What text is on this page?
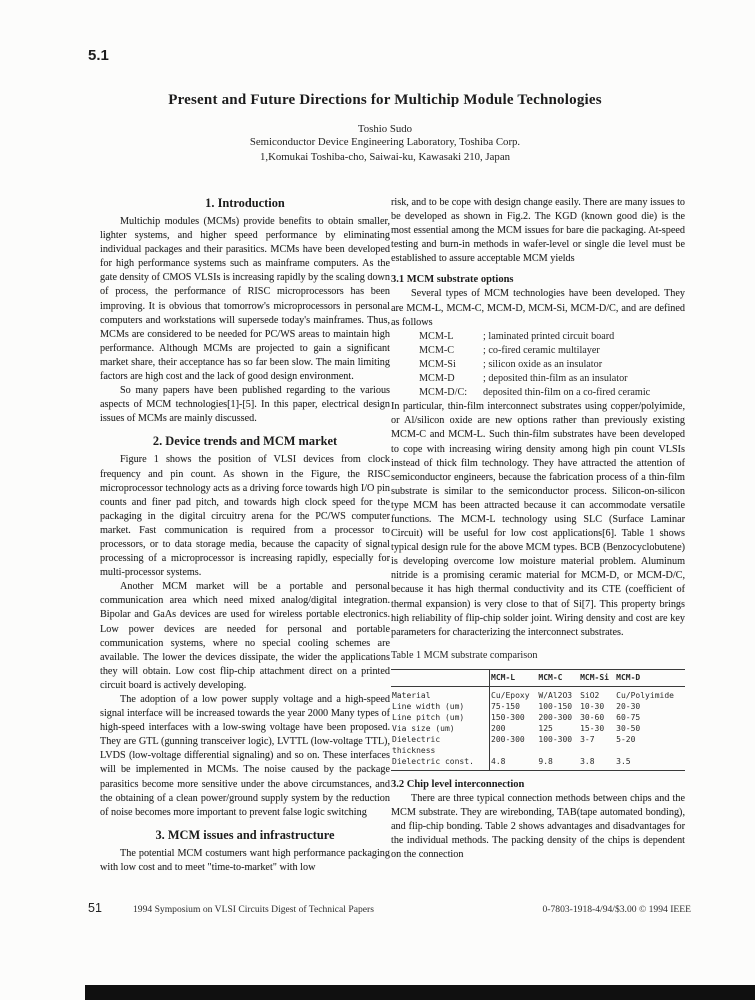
5.1
Present and Future Directions for Multichip Module Technologies
Toshio Sudo
Semiconductor Device Engineering Laboratory, Toshiba Corp.
1,Komukai Toshiba-cho, Saiwai-ku, Kawasaki 210, Japan
1. Introduction

Multichip modules (MCMs) provide benefits to obtain smaller, lighter systems, and higher speed performance by eliminating individual packages and their parasitics. MCMs have been developed for high performance systems such as mainframe computers. As the gate density of CMOS VLSIs is increasing rapidly by the scaling down of process, the performance of RISC microprocessors has been improving. It is obvious that tomorrow's microprocessors in personal computers and workstations will supersede today's mainframes. Thus, MCMs are considered to be needed for PC/WS areas to maintain high performance. Although MCMs are projected to gain a significant market share, their acceptance has so far been slow. The main limiting factors are high cost and the lack of good design environment.

So many papers have been published regarding to the various aspects of MCM technologies[1]-[5]. In this paper, electrical design issues of MCMs are mainly discussed.

2. Device trends and MCM market

Figure 1 shows the position of VLSI devices from clock frequency and pin count. As shown in the Figure, the RISC microprocessor technology acts as a driving force towards high I/O pin counts and finer pad pitch, and towards high clock speed for the packaging in the digital circuitry arena for the PC/WS computer market. Fast communication is required from a processor to processors, or to data storage media, because the capacity of signal processing of a microprocessor is increasing rapidly, especially for multi-processor systems.

Another MCM market will be a portable and personal communication area which need mixed analog/digital integration. Bipolar and GaAs devices are used for wireless portable electronics. Low power devices are needed for personal and portable communication systems, where no special cooling schemes are available. The lower the devices dissipate, the wider the applications they will obtain. Low cost flip-chip attachment direct on a printed circuit board is actively developing.

The adoption of a low power supply voltage and a high-speed signal interface will be increased towards the year 2000 Many types of high-speed interfaces with a low-swing voltage have been proposed. They are GTL (gunning transceiver logic), LVTTL (low-voltage TTL), LVDS (low-voltage differential signaling) and so on. These interfaces will be implemented in MCMs. The noise caused by the package parasitics become more sensitive under the above circumstances, and the obtaining of a clean power/ground supply system by the reduction of noise becomes more important to prevent false logic switching

3. MCM issues and infrastructure

The potential MCM costumers want high performance packaging with low cost and to meet "time-to-market" with low

risk, and to be cope with design change easily. There are many issues to be developed as shown in Fig.2. The KGD (known good die) is the most essential among the MCM issues for bare die packaging. At-speed testing and burn-in methods in wafer-level or single die level must be established to assure acceptable MCM yields

3.1 MCM substrate options

Several types of MCM technologies have been developed. They are MCM-L, MCM-C, MCM-D, MCM-Si, MCM-D/C, and are defined as follows

MCM-L	; laminated printed circuit board
MCM-C	; co-fired ceramic multilayer
MCM-Si	; silicon oxide as an insulator
MCM-D	; deposited thin-film as an insulator
MCM-D/C:	deposited thin-film on a co-fired ceramic

In particular, thin-film interconnect substrates using copper/polyimide, or Al/silicon oxide are new options rather than previously existing MCM-C and MCM-L. Such thin-film substrates have been developed to cope with increasing wiring density among high pin count VLSIs instead of thick film technology. They have attracted the attention of semiconductor engineers, because the fabrication process of a thin-film substrate is similar to the semiconductor process. Silicon-on-silicon type MCM has been attracted because it can accommodate versatile functions. The MCM-L technology using SLC (Surface Laminar Circuit) will be useful for low cost applications[6]. Table 1 shows typical design rule for the above MCM types. BCB (Benzocyclobutene) is developing overcome low moisture material problem. Aluminum nitride is a promising ceramic material for MCM-D, or MCM-D/C, because it has high thermal conductivity and its CTE (coefficient of thermal expansion) is very close to that of Si[7]. This property brings high reliability of flip-chip solder joint. Wiring density and cost are key parameters for characterizing the interconnect substrates.

Table 1 MCM substrate comparison
	MCM-L	MCM-C	MCM-Si	MCM-D
Material	Cu/Epoxy	W/Al2O3	SiO2	Cu/Polyimide
Line width (um)	75-150	100-150	10-30	20-30
Line pitch (um)	150-300	200-300	30-60	60-75
Via size (um)	200	125	15-30	30-50
Dielectric thickness	200-300	100-300	3-7	5-20
Dielectric const.	4.8	9.8	3.8	3.5
3.2 Chip level interconnection

There are three typical connection methods between chips and the MCM substrate. They are wirebonding, TAB(tape automated bonding), and flip-chip bonding. Table 2 shows advantages and disadvantages for the individual methods. The packing density of the chips is dependent on the connection

51	1994 Symposium on VLSI Circuits Digest of Technical Papers	0-7803-1918-4/94/$3.00 © 1994 IEEE
